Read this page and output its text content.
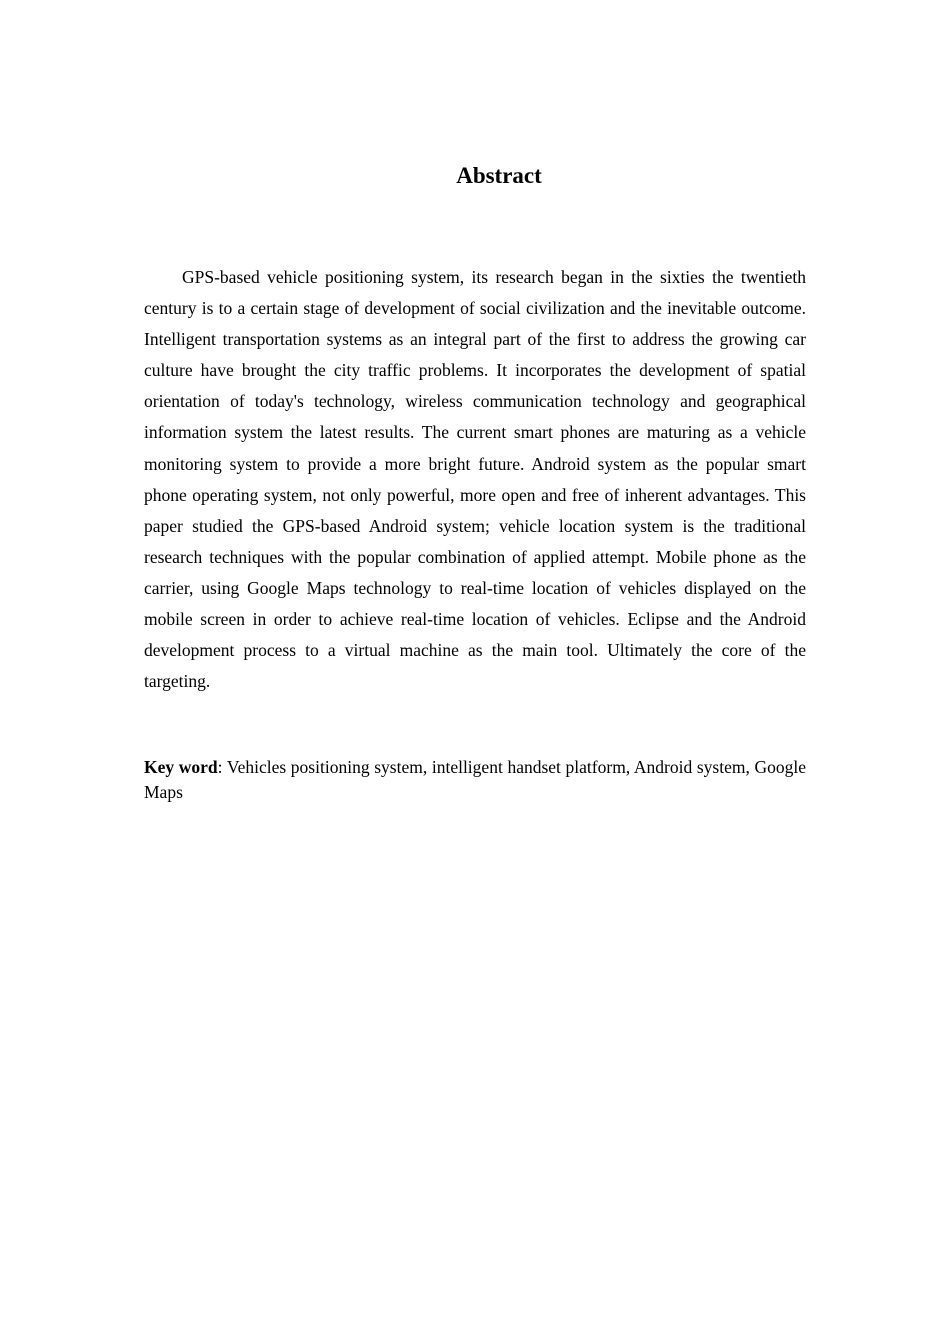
Abstract

GPS-based vehicle positioning system, its research began in the sixties the twentieth century is to a certain stage of development of social civilization and the inevitable outcome. Intelligent transportation systems as an integral part of the first to address the growing car culture have brought the city traffic problems. It incorporates the development of spatial orientation of today's technology, wireless communication technology and geographical information system the latest results. The current smart phones are maturing as a vehicle monitoring system to provide a more bright future. Android system as the popular smart phone operating system, not only powerful, more open and free of inherent advantages. This paper studied the GPS-based Android system; vehicle location system is the traditional research techniques with the popular combination of applied attempt. Mobile phone as the carrier, using Google Maps technology to real-time location of vehicles displayed on the mobile screen in order to achieve real-time location of vehicles. Eclipse and the Android development process to a virtual machine as the main tool. Ultimately the core of the targeting.

Key word: Vehicles positioning system, intelligent handset platform, Android system, Google Maps
